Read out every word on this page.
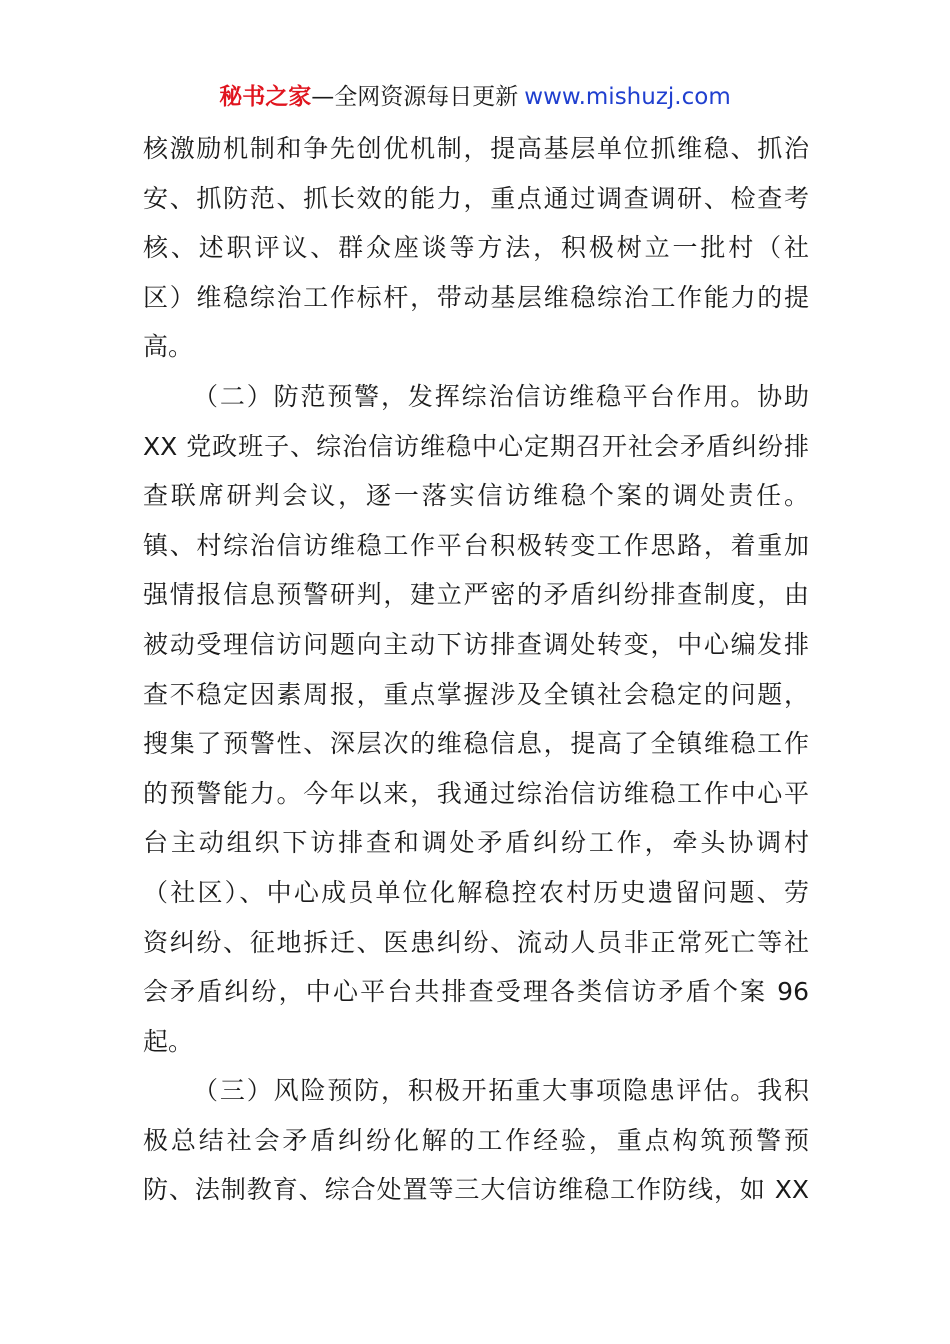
秘书之家—全网资源每日更新 www.mishuzj.com
核激励机制和争先创优机制，提高基层单位抓维稳、抓治
安、抓防范、抓长效的能力，重点通过调查调研、检查考
核、述职评议、群众座谈等方法，积极树立一批村（社
区）维稳综治工作标杆，带动基层维稳综治工作能力的提
高。
（二）防范预警，发挥综治信访维稳平台作用。协助
XX 党政班子、综治信访维稳中心定期召开社会矛盾纠纷排
查联席研判会议，逐一落实信访维稳个案的调处责任。
镇、村综治信访维稳工作平台积极转变工作思路，着重加
强情报信息预警研判，建立严密的矛盾纠纷排查制度，由
被动受理信访问题向主动下访排查调处转变，中心编发排
查不稳定因素周报，重点掌握涉及全镇社会稳定的问题，
搜集了预警性、深层次的维稳信息，提高了全镇维稳工作
的预警能力。今年以来，我通过综治信访维稳工作中心平
台主动组织下访排查和调处矛盾纠纷工作，牵头协调村
（社区）、中心成员单位化解稳控农村历史遗留问题、劳
资纠纷、征地拆迁、医患纠纷、流动人员非正常死亡等社
会矛盾纠纷，中心平台共排查受理各类信访矛盾个案 96
起。
（三）风险预防，积极开拓重大事项隐患评估。我积
极总结社会矛盾纠纷化解的工作经验，重点构筑预警预
防、法制教育、综合处置等三大信访维稳工作防线，如 XX
